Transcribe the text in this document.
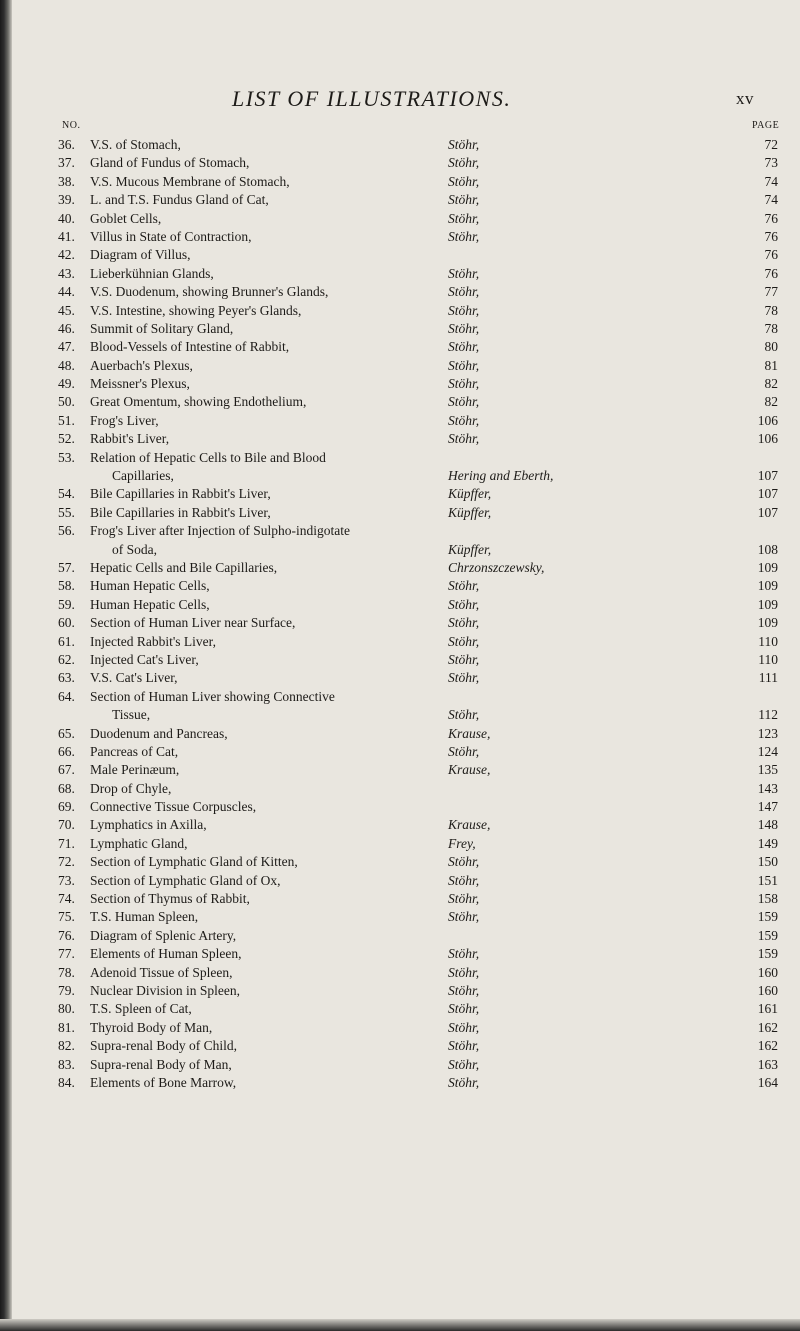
LIST OF ILLUSTRATIONS.	xv
NO.	PAGE
36.	V.S. of Stomach,	Stöhr,	72
37.	Gland of Fundus of Stomach,	Stöhr,	73
38.	V.S. Mucous Membrane of Stomach,	Stöhr,	74
39.	L. and T.S. Fundus Gland of Cat,	Stöhr,	74
40.	Goblet Cells,	Stöhr,	76
41.	Villus in State of Contraction,	Stöhr,	76
42.	Diagram of Villus,	76
43.	Lieberkühnian Glands,	Stöhr,	76
44.	V.S. Duodenum, showing Brunner's Glands,	Stöhr,	77
45.	V.S. Intestine, showing Peyer's Glands,	Stöhr,	78
46.	Summit of Solitary Gland,	Stöhr,	78
47.	Blood-Vessels of Intestine of Rabbit,	Stöhr,	80
48.	Auerbach's Plexus,	Stöhr,	81
49.	Meissner's Plexus,	Stöhr,	82
50.	Great Omentum, showing Endothelium,	Stöhr,	82
51.	Frog's Liver,	Stöhr,	106
52.	Rabbit's Liver,	Stöhr,	106
53.	Relation of Hepatic Cells to Bile and Blood
Capillaries,	Hering and Eberth,	107
54.	Bile Capillaries in Rabbit's Liver,	Küpffer,	107
55.	Bile Capillaries in Rabbit's Liver,	Küpffer,	107
56.	Frog's Liver after Injection of Sulpho-indigotate
of Soda,	Küpffer,	108
57.	Hepatic Cells and Bile Capillaries,	Chrzonszczewsky,	109
58.	Human Hepatic Cells,	Stöhr,	109
59.	Human Hepatic Cells,	Stöhr,	109
60.	Section of Human Liver near Surface,	Stöhr,	109
61.	Injected Rabbit's Liver,	Stöhr,	110
62.	Injected Cat's Liver,	Stöhr,	110
63.	V.S. Cat's Liver,	Stöhr,	111
64.	Section of Human Liver showing Connective
Tissue,	Stöhr,	112
65.	Duodenum and Pancreas,	Krause,	123
66.	Pancreas of Cat,	Stöhr,	124
67.	Male Perinæum,	Krause,	135
68.	Drop of Chyle,	143
69.	Connective Tissue Corpuscles,	147
70.	Lymphatics in Axilla,	Krause,	148
71.	Lymphatic Gland,	Frey,	149
72.	Section of Lymphatic Gland of Kitten,	Stöhr,	150
73.	Section of Lymphatic Gland of Ox,	Stöhr,	151
74.	Section of Thymus of Rabbit,	Stöhr,	158
75.	T.S. Human Spleen,	Stöhr,	159
76.	Diagram of Splenic Artery,	159
77.	Elements of Human Spleen,	Stöhr,	159
78.	Adenoid Tissue of Spleen,	Stöhr,	160
79.	Nuclear Division in Spleen,	Stöhr,	160
80.	T.S. Spleen of Cat,	Stöhr,	161
81.	Thyroid Body of Man,	Stöhr,	162
82.	Supra-renal Body of Child,	Stöhr,	162
83.	Supra-renal Body of Man,	Stöhr,	163
84.	Elements of Bone Marrow,	Stöhr,	164
